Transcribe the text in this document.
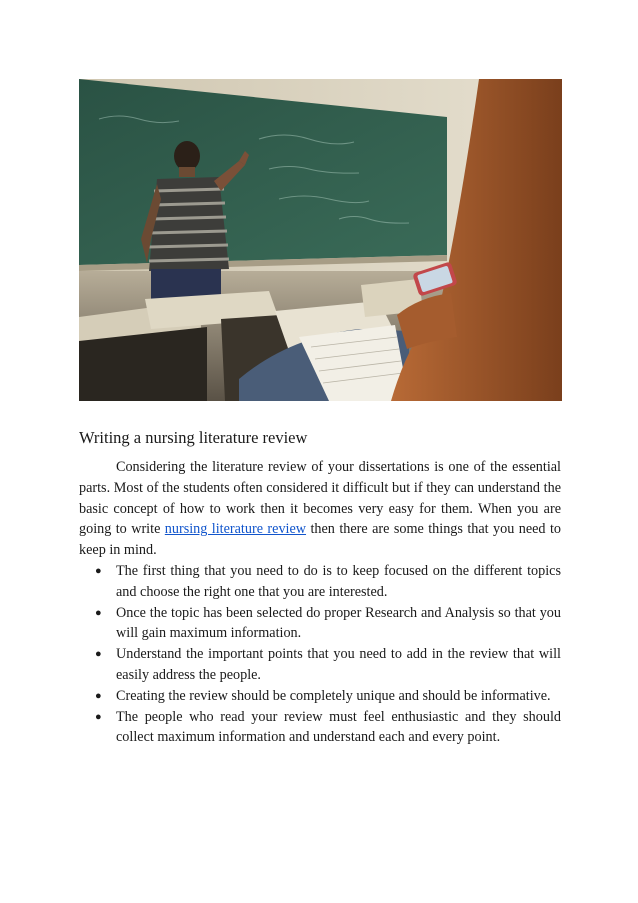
Writing a nursing literature review

Considering the literature review of your dissertations is one of the essential parts. Most of the students often considered it difficult but if they can understand the basic concept of how to work then it becomes very easy for them. When you are going to write nursing literature review then there are some things that you need to keep in mind.

● The first thing that you need to do is to keep focused on the different topics and choose the right one that you are interested.
● Once the topic has been selected do proper Research and Analysis so that you will gain maximum information.
● Understand the important points that you need to add in the review that will easily address the people.
● Creating the review should be completely unique and should be informative.
● The people who read your review must feel enthusiastic and they should collect maximum information and understand each and every point.
